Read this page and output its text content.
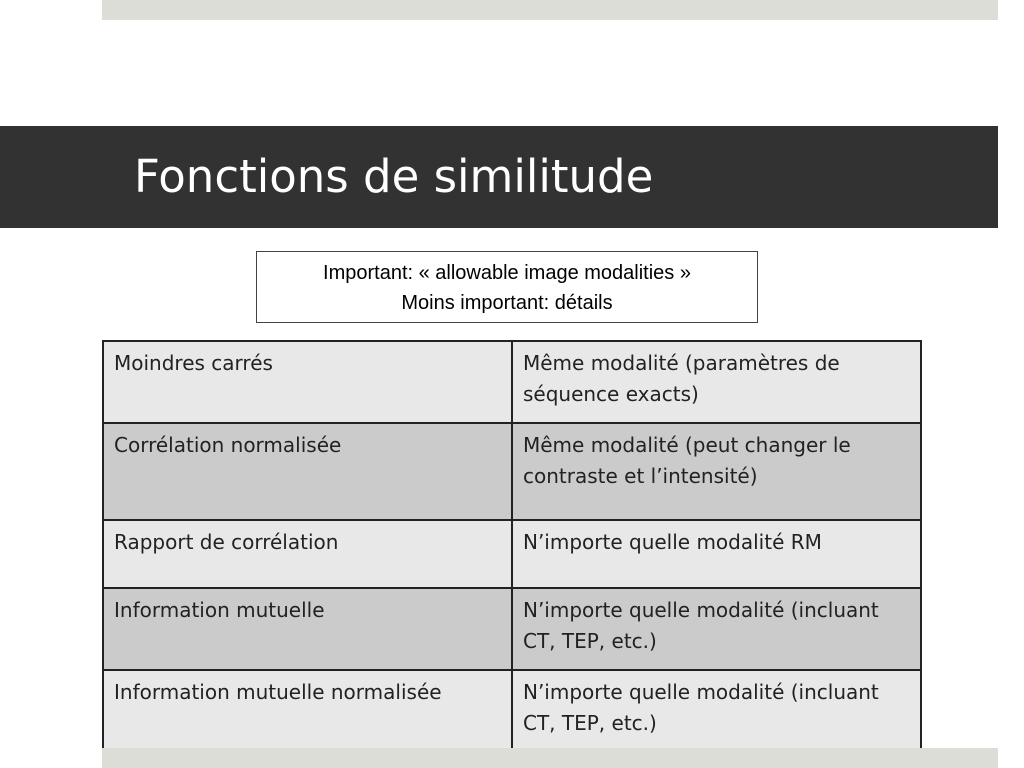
Fonctions de similitude
Important: « allowable image modalities »
Moins important: détails
Moindres carrés	Même modalité (paramètres de séquence exacts)
Corrélation normalisée	Même modalité (peut changer le contraste et l’intensité)
Rapport de corrélation	N’importe quelle modalité RM
Information mutuelle	N’importe quelle modalité (incluant CT, TEP, etc.)
Information mutuelle normalisée	N’importe quelle modalité (incluant CT, TEP, etc.)
